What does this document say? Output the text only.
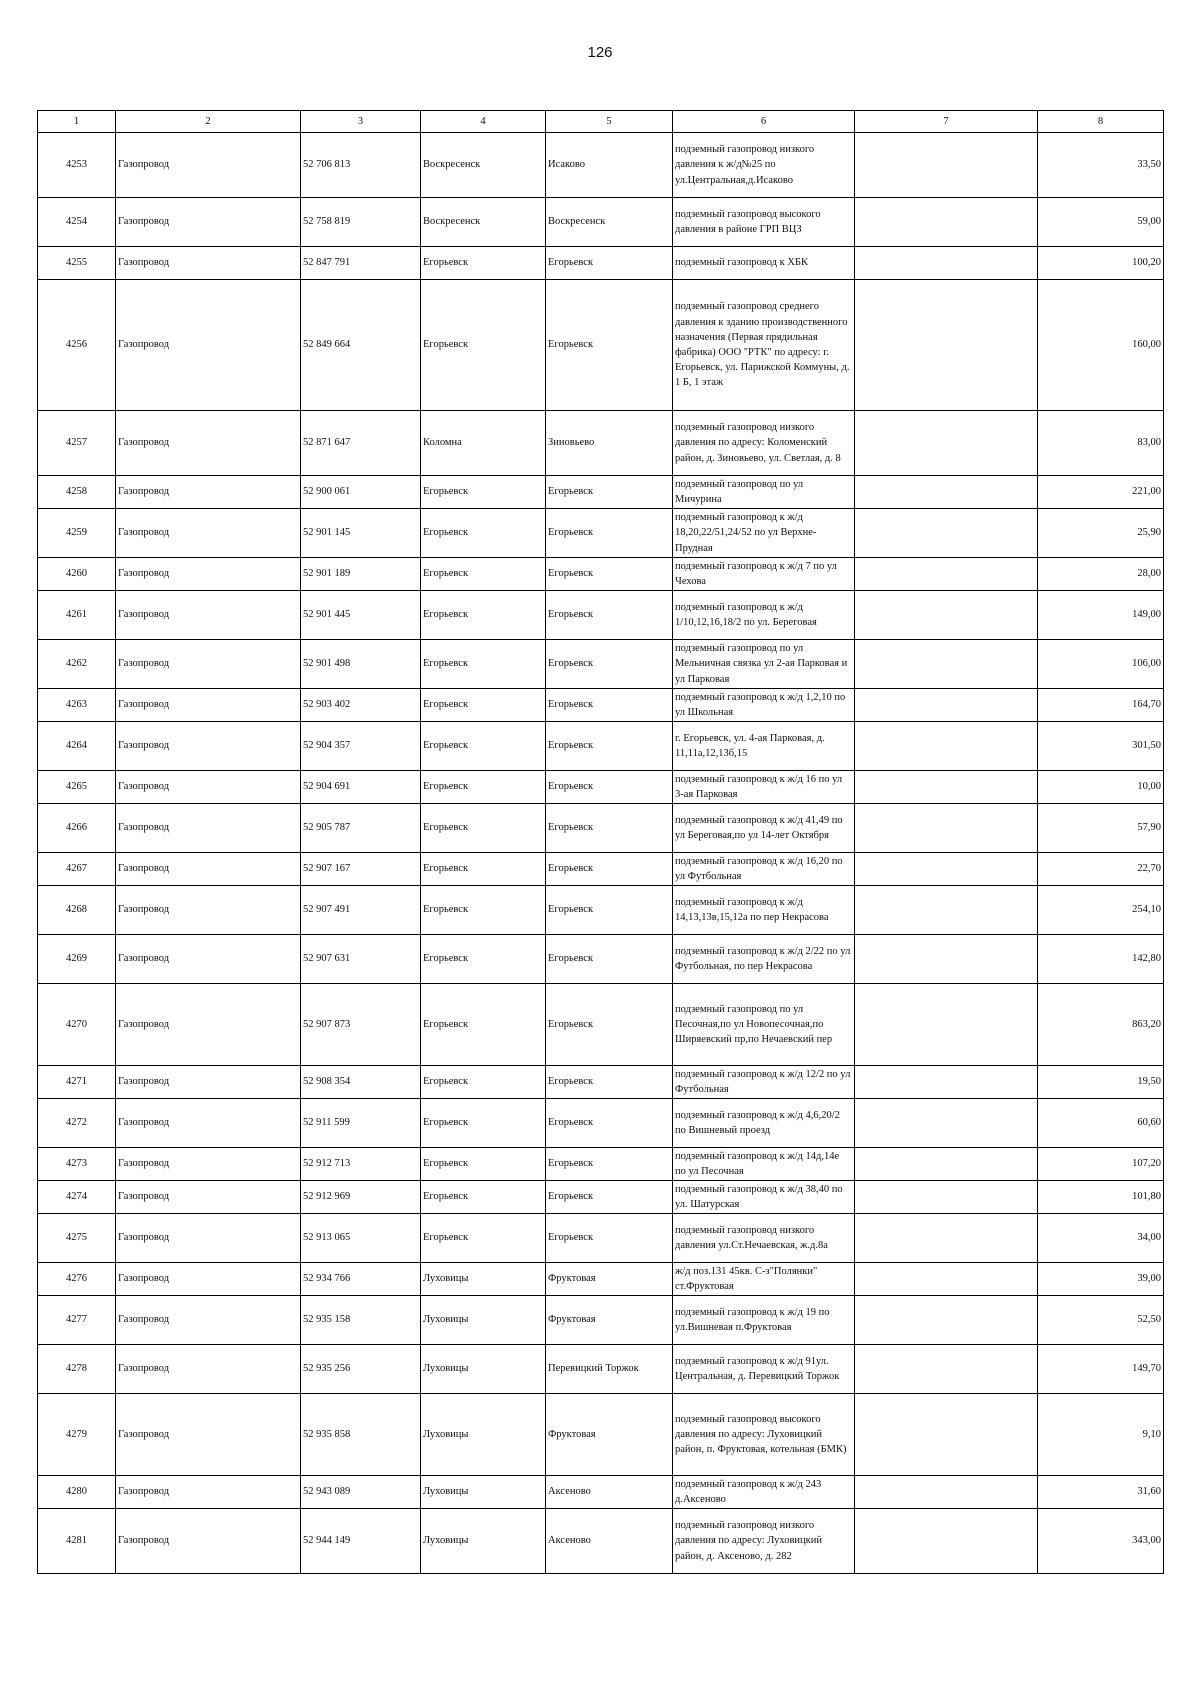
126
1	2	3	4	5	6	7	8
4253	Газопровод	52 706 813	Воскресенск	Исаково	подземный газопровод низкого давления к ж/д№25 по ул.Центральная,д.Исаково		33,50
4254	Газопровод	52 758 819	Воскресенск	Воскресенск	подземный газопровод высокого давления в районе ГРП ВЦЗ		59,00
4255	Газопровод	52 847 791	Егорьевск	Егорьевск	подземный газопровод к ХБК		100,20
4256	Газопровод	52 849 664	Егорьевск	Егорьевск	подземный газопровод среднего давления к зданию производственного назначения (Первая прядильная фабрика) ООО "РТК" по адресу: г. Егорьевск, ул. Парижской Коммуны, д. 1 Б, 1 этаж		160,00
4257	Газопровод	52 871 647	Коломна	Зиновьево	подземный газопровод низкого давления по адресу: Коломенский район, д. Зиновьево, ул. Светлая, д. 8		83,00
4258	Газопровод	52 900 061	Егорьевск	Егорьевск	подземный газопровод по ул Мичурина		221,00
4259	Газопровод	52 901 145	Егорьевск	Егорьевск	подземный газопровод к ж/д 18,20,22/51,24/52 по ул Верхне-Прудная		25,90
4260	Газопровод	52 901 189	Егорьевск	Егорьевск	подземный газопровод к ж/д 7 по ул Чехова		28,00
4261	Газопровод	52 901 445	Егорьевск	Егорьевск	подземный газопровод к ж/д 1/10,12,16,18/2 по ул. Береговая		149,00
4262	Газопровод	52 901 498	Егорьевск	Егорьевск	подземный газопровод по ул Мельничная связка ул 2-ая Парковая и ул Парковая		106,00
4263	Газопровод	52 903 402	Егорьевск	Егорьевск	подземный газопровод к ж/д 1,2,10 по ул Школьная		164,70
4264	Газопровод	52 904 357	Егорьевск	Егорьевск	г. Егорьевск, ул. 4-ая Парковая, д. 11,11а,12,13б,15		301,50
4265	Газопровод	52 904 691	Егорьевск	Егорьевск	подземный газопровод к ж/д 16 по ул 3-ая Парковая		10,00
4266	Газопровод	52 905 787	Егорьевск	Егорьевск	подземный газопровод к ж/д 41,49 по ул Береговая,по ул 14-лет Октября		57,90
4267	Газопровод	52 907 167	Егорьевск	Егорьевск	подземный газопровод к ж/д 16,20 по ул Футбольная		22,70
4268	Газопровод	52 907 491	Егорьевск	Егорьевск	подземный газопровод к ж/д 14,13,13в,15,12а по пер Некрасова		254,10
4269	Газопровод	52 907 631	Егорьевск	Егорьевск	подземный газопровод к ж/д 2/22 по ул Футбольная, по пер Некрасова		142,80
4270	Газопровод	52 907 873	Егорьевск	Егорьевск	подземный газопровод по ул Песочная,по ул Новопесочная,по Ширяевский пр,по Нечаевский пер		863,20
4271	Газопровод	52 908 354	Егорьевск	Егорьевск	подземный газопровод к ж/д 12/2 по ул Футбольная		19,50
4272	Газопровод	52 911 599	Егорьевск	Егорьевск	подземный газопровод к ж/д 4,6,20/2 по Вишневый проезд		60,60
4273	Газопровод	52 912 713	Егорьевск	Егорьевск	подземный газопровод к ж/д 14д,14е по ул Песочная		107,20
4274	Газопровод	52 912 969	Егорьевск	Егорьевск	подземный газопровод к ж/д 38,40 по ул. Шатурская		101,80
4275	Газопровод	52 913 065	Егорьевск	Егорьевск	подземный газопровод низкого давления ул.Ст.Нечаевская, ж.д.8а		34,00
4276	Газопровод	52 934 766	Луховицы	Фруктовая	ж/д поз.131 45кв. С-з"Полянки" ст.Фруктовая		39,00
4277	Газопровод	52 935 158	Луховицы	Фруктовая	подземный газопровод к ж/д 19 по ул.Вишневая п.Фруктовая		52,50
4278	Газопровод	52 935 256	Луховицы	Перевицкий Торжок	подземный газопровод к ж/д 91ул. Центральная, д. Перевицкий Торжок		149,70
4279	Газопровод	52 935 858	Луховицы	Фруктовая	подземный газопровод высокого давления по адресу: Луховицкий район, п. Фруктовая, котельная (БМК)		9,10
4280	Газопровод	52 943 089	Луховицы	Аксеново	подземный газопровод к ж/д 243 д.Аксеново		31,60
4281	Газопровод	52 944 149	Луховицы	Аксеново	подземный газопровод низкого давления по адресу: Луховицкий район, д. Аксеново, д. 282		343,00
